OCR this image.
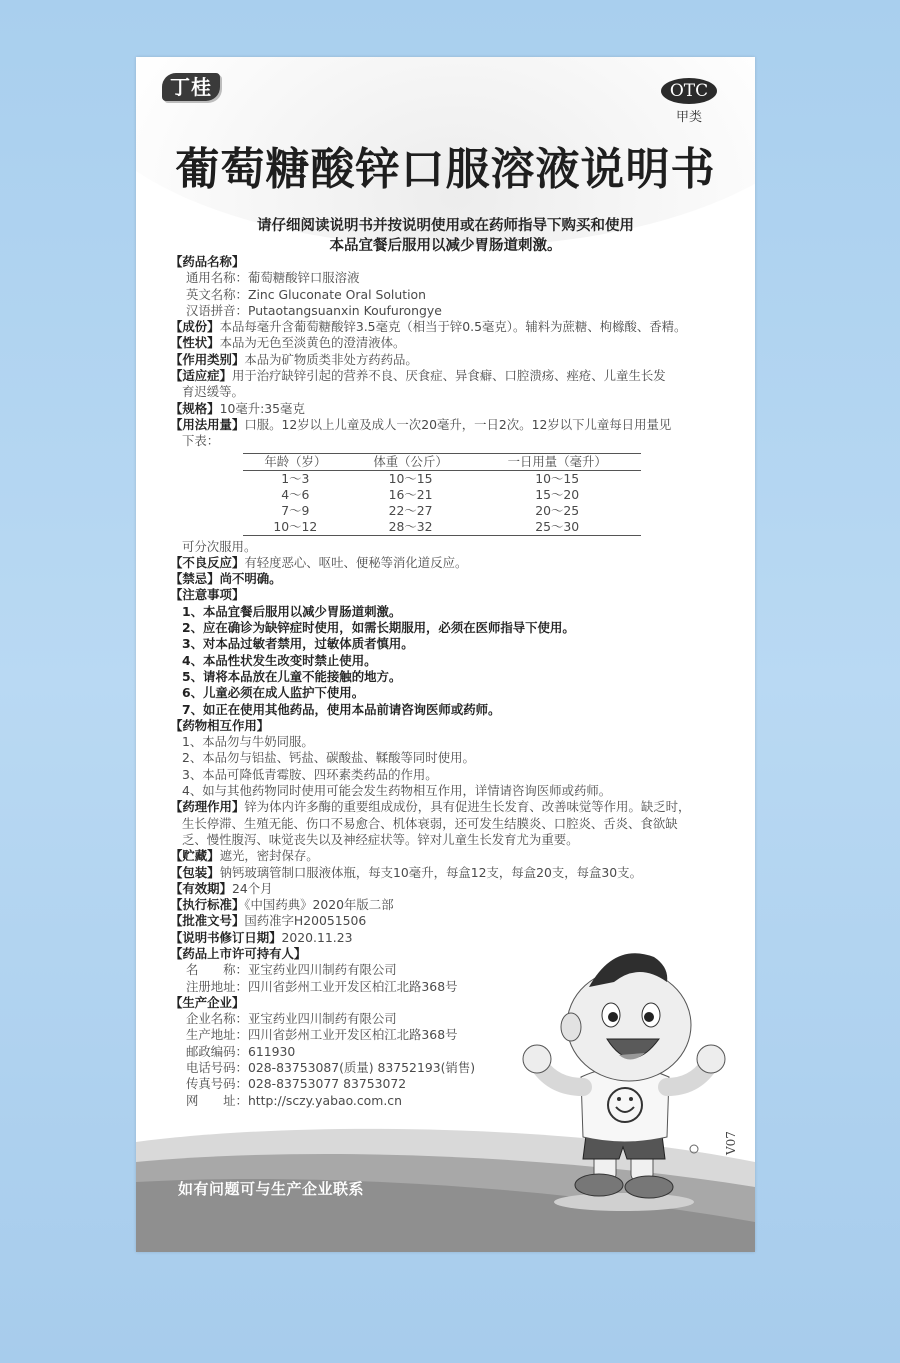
丁桂	OTC
甲类
葡萄糖酸锌口服溶液说明书
请仔细阅读说明书并按说明使用或在药师指导下购买和使用
本品宜餐后服用以减少胃肠道刺激。
【药品名称】
通用名称：葡萄糖酸锌口服溶液
英文名称：Zinc Gluconate Oral Solution
汉语拼音：Putaotangsuanxin Koufurongye
【成份】本品每毫升含葡萄糖酸锌3.5毫克（相当于锌0.5毫克）。辅料为蔗糖、枸橼酸、香精。
【性状】本品为无色至淡黄色的澄清液体。
【作用类别】本品为矿物质类非处方药药品。
【适应症】用于治疗缺锌引起的营养不良、厌食症、异食癖、口腔溃疡、痤疮、儿童生长发
育迟缓等。
【规格】10毫升:35毫克
【用法用量】口服。12岁以上儿童及成人一次20毫升，一日2次。12岁以下儿童每日用量见
下表：
年龄（岁）	体重（公斤）	一日用量（毫升）
1～3	10～15	10～15
4～6	16～21	15～20
7～9	22～27	20～25
10～12	28～32	25～30
可分次服用。
【不良反应】有轻度恶心、呕吐、便秘等消化道反应。
【禁忌】尚不明确。
【注意事项】
1、本品宜餐后服用以减少胃肠道刺激。
2、应在确诊为缺锌症时使用，如需长期服用，必须在医师指导下使用。
3、对本品过敏者禁用，过敏体质者慎用。
4、本品性状发生改变时禁止使用。
5、请将本品放在儿童不能接触的地方。
6、儿童必须在成人监护下使用。
7、如正在使用其他药品，使用本品前请咨询医师或药师。
【药物相互作用】
1、本品勿与牛奶同服。
2、本品勿与铝盐、钙盐、碳酸盐、鞣酸等同时使用。
3、本品可降低青霉胺、四环素类药品的作用。
4、如与其他药物同时使用可能会发生药物相互作用，详情请咨询医师或药师。
【药理作用】锌为体内许多酶的重要组成成份，具有促进生长发育、改善味觉等作用。缺乏时，
生长停滞、生殖无能、伤口不易愈合、机体衰弱，还可发生结膜炎、口腔炎、舌炎、食欲缺
乏、慢性腹泻、味觉丧失以及神经症状等。锌对儿童生长发育尤为重要。
【贮藏】遮光，密封保存。
【包装】钠钙玻璃管制口服液体瓶，每支10毫升，每盒12支，每盒20支，每盒30支。
【有效期】24个月
【执行标准】《中国药典》2020年版二部
【批准文号】国药准字H20051506
【说明书修订日期】2020.11.23
【药品上市许可持有人】
名　　称：亚宝药业四川制药有限公司
注册地址：四川省彭州工业开发区柏江北路368号
【生产企业】
企业名称：亚宝药业四川制药有限公司
生产地址：四川省彭州工业开发区柏江北路368号
邮政编码：611930
电话号码：028-83753087(质量) 83752193(销售)
传真号码：028-83753077 83753072
网　　址：http://sczy.yabao.com.cn
如有问题可与生产企业联系
V07
